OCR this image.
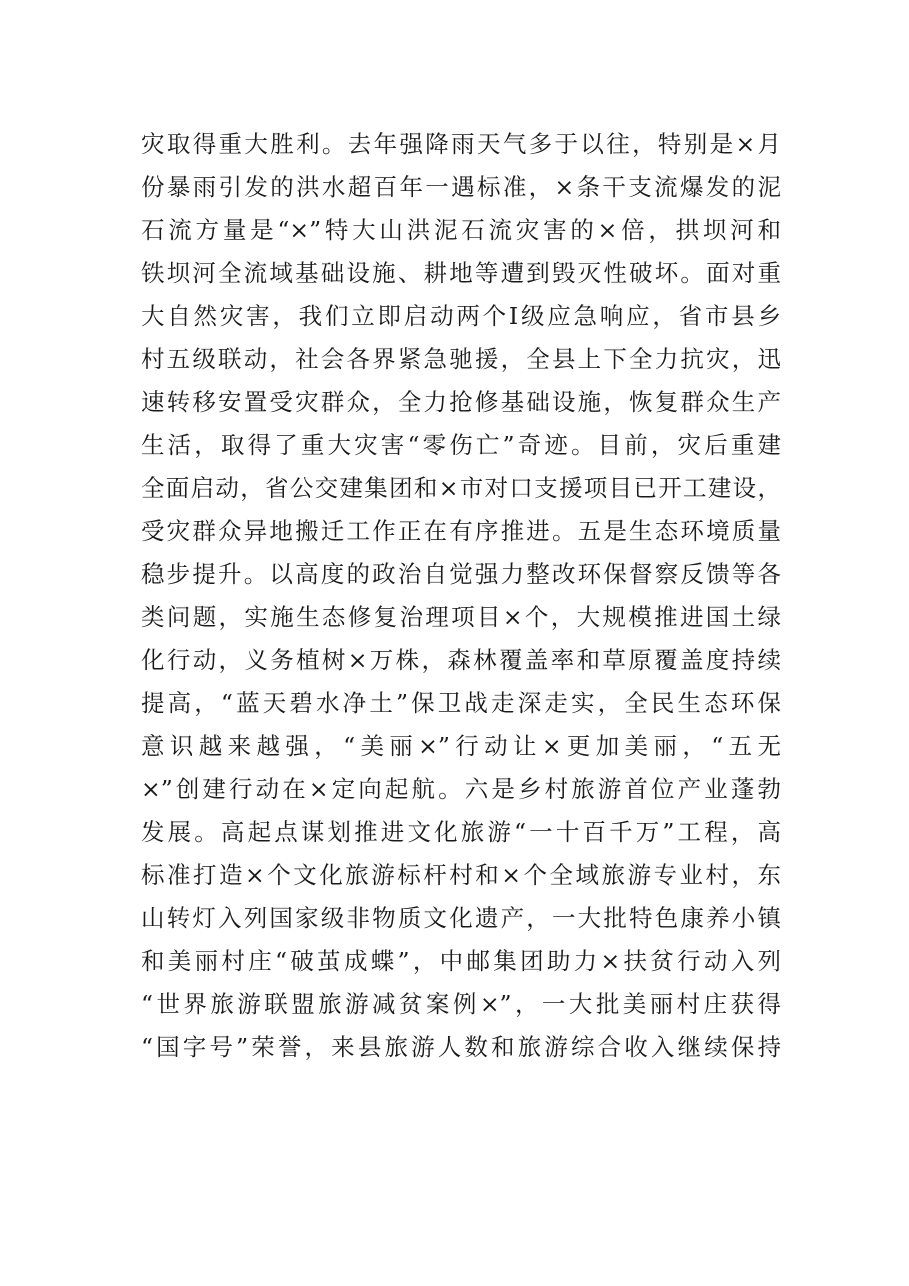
灾取得重大胜利。去年强降雨天气多于以往，特别是×月
份暴雨引发的洪水超百年一遇标准，×条干支流爆发的泥
石流方量是“×”特大山洪泥石流灾害的×倍，拱坝河和
铁坝河全流域基础设施、耕地等遭到毁灭性破坏。面对重
大自然灾害，我们立即启动两个Ⅰ级应急响应，省市县乡
村五级联动，社会各界紧急驰援，全县上下全力抗灾，迅
速转移安置受灾群众，全力抢修基础设施，恢复群众生产
生活，取得了重大灾害“零伤亡”奇迹。目前，灾后重建
全面启动，省公交建集团和×市对口支援项目已开工建设，
受灾群众异地搬迁工作正在有序推进。五是生态环境质量
稳步提升。以高度的政治自觉强力整改环保督察反馈等各
类问题，实施生态修复治理项目×个，大规模推进国土绿
化行动，义务植树×万株，森林覆盖率和草原覆盖度持续
提高，“蓝天碧水净土”保卫战走深走实，全民生态环保
意识越来越强，“美丽×”行动让×更加美丽，“五无
×”创建行动在×定向起航。六是乡村旅游首位产业蓬勃
发展。高起点谋划推进文化旅游“一十百千万”工程，高
标准打造×个文化旅游标杆村和×个全域旅游专业村，东
山转灯入列国家级非物质文化遗产，一大批特色康养小镇
和美丽村庄“破茧成蝶”，中邮集团助力×扶贫行动入列
“世界旅游联盟旅游减贫案例×”，一大批美丽村庄获得
“国字号”荣誉，来县旅游人数和旅游综合收入继续保持
